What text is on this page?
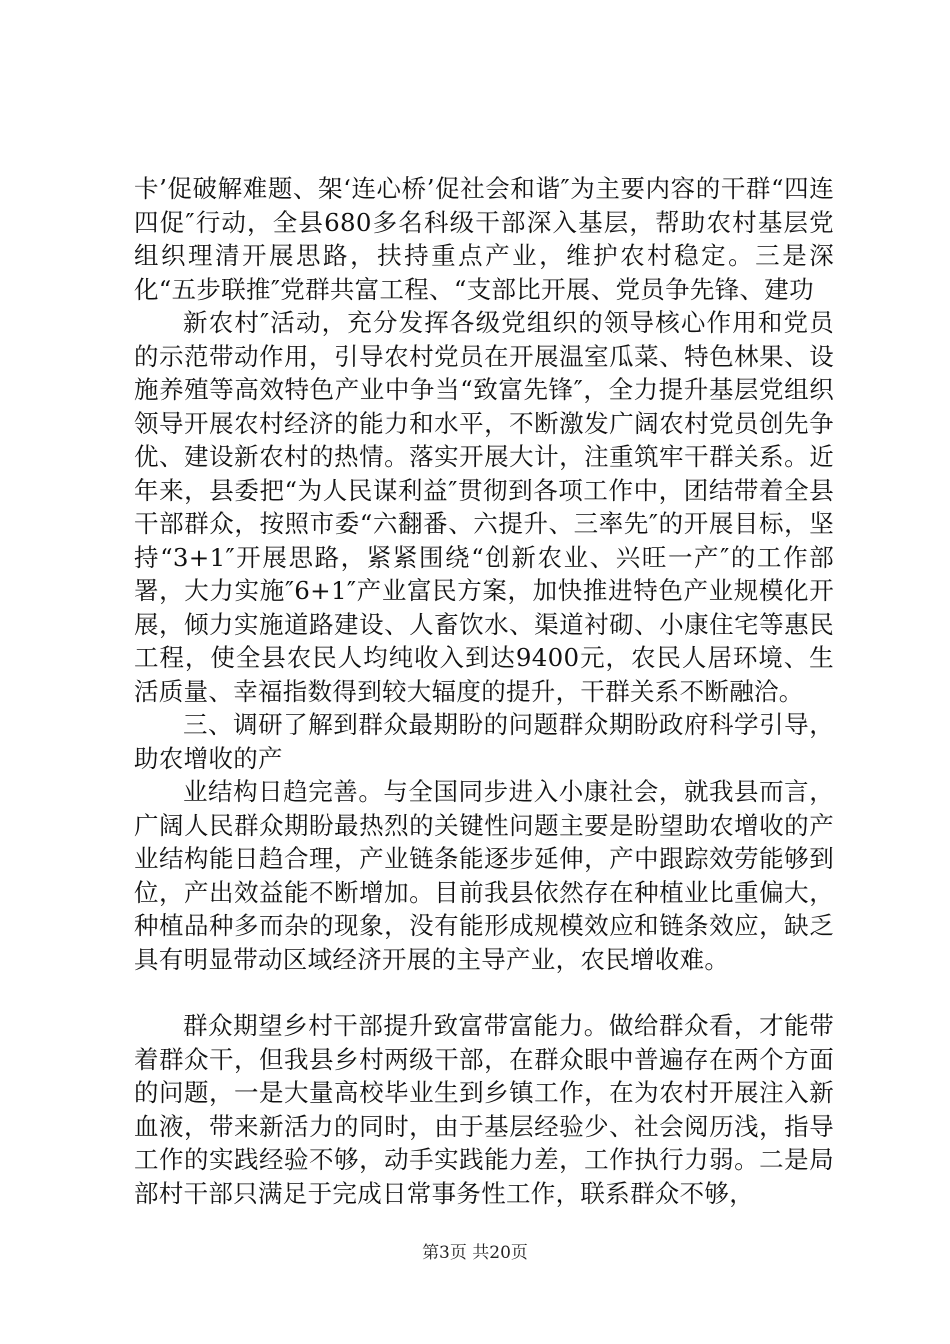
卡’促破解难题、架‘连心桥’促社会和谐″为主要内容的干群“四连四促″行动，全县680多名科级干部深入基层，帮助农村基层党组织理清开展思路，扶持重点产业，维护农村稳定。三是深化“五步联推″党群共富工程、“支部比开展、党员争先锋、建功

新农村″活动，充分发挥各级党组织的领导核心作用和党员的示范带动作用，引导农村党员在开展温室瓜菜、特色林果、设施养殖等高效特色产业中争当“致富先锋″，全力提升基层党组织领导开展农村经济的能力和水平，不断激发广阔农村党员创先争优、建设新农村的热情。落实开展大计，注重筑牢干群关系。近年来，县委把“为人民谋利益″贯彻到各项工作中，团结带着全县干部群众，按照市委“六翻番、六提升、三率先″的开展目标，坚持“3+1″开展思路，紧紧围绕“创新农业、兴旺一产″的工作部署，大力实施″6+1″产业富民方案，加快推进特色产业规模化开展，倾力实施道路建设、人畜饮水、渠道衬砌、小康住宅等惠民工程，使全县农民人均纯收入到达9400元，农民人居环境、生活质量、幸福指数得到较大辐度的提升，干群关系不断融洽。

三、调研了解到群众最期盼的问题群众期盼政府科学引导，助农增收的产

业结构日趋完善。与全国同步进入小康社会，就我县而言，广阔人民群众期盼最热烈的关键性问题主要是盼望助农增收的产业结构能日趋合理，产业链条能逐步延伸，产中跟踪效劳能够到位，产出效益能不断增加。目前我县依然存在种植业比重偏大，种植品种多而杂的现象，没有能形成规模效应和链条效应，缺乏具有明显带动区域经济开展的主导产业，农民增收难。

群众期望乡村干部提升致富带富能力。做给群众看，才能带着群众干，但我县乡村两级干部，在群众眼中普遍存在两个方面的问题，一是大量高校毕业生到乡镇工作，在为农村开展注入新血液，带来新活力的同时，由于基层经验少、社会阅历浅，指导工作的实践经验不够，动手实践能力差，工作执行力弱。二是局部村干部只满足于完成日常事务性工作，联系群众不够，

第3页 共20页
